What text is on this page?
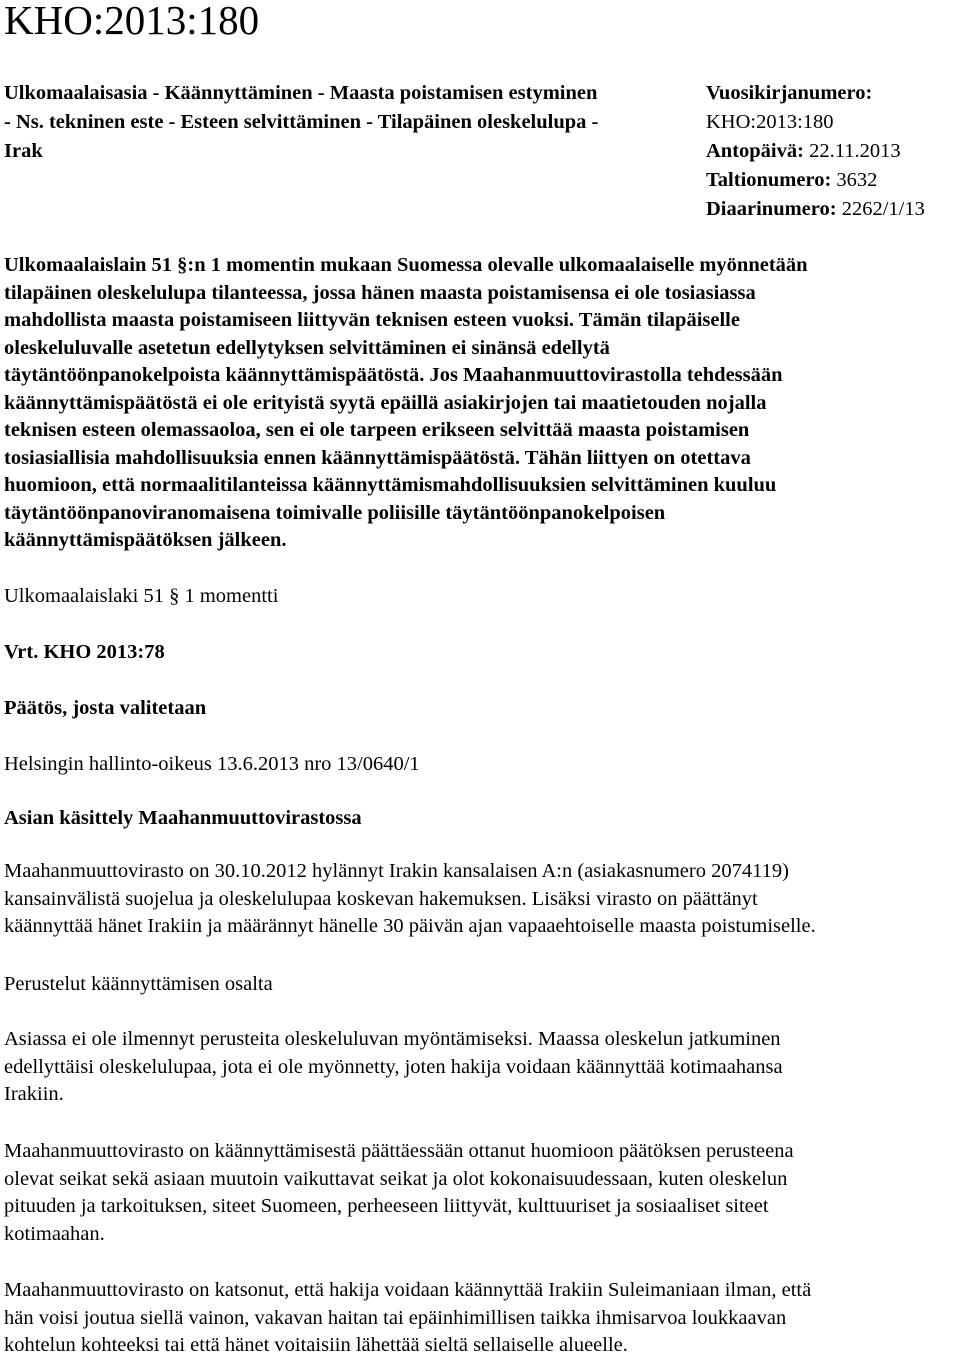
KHO:2013:180
Ulkomaalaisasia - Käännyttäminen - Maasta poistamisen estyminen
- Ns. tekninen este - Esteen selvittäminen - Tilapäinen oleskelulupa -
Irak
Vuosikirjanumero:
KHO:2013:180
Antopäivä: 22.11.2013
Taltionumero: 3632
Diaarinumero: 2262/1/13
Ulkomaalaislain 51 §:n 1 momentin mukaan Suomessa olevalle ulkomaalaiselle myönnetään
tilapäinen oleskelulupa tilanteessa, jossa hänen maasta poistamisensa ei ole tosiasiassa
mahdollista maasta poistamiseen liittyvän teknisen esteen vuoksi. Tämän tilapäiselle
oleskeluluvalle asetetun edellytyksen selvittäminen ei sinänsä edellytä
täytäntöönpanokelpoista käännyttämispäätöstä. Jos Maahanmuuttovirastolla tehdessään
käännyttämispäätöstä ei ole erityistä syytä epäillä asiakirjojen tai maatietouden nojalla
teknisen esteen olemassaoloa, sen ei ole tarpeen erikseen selvittää maasta poistamisen
tosiasiallisia mahdollisuuksia ennen käännyttämispäätöstä. Tähän liittyen on otettava
huomioon, että normaalitilanteissa käännyttämismahdollisuuksien selvittäminen kuuluu
täytäntöönpanoviranomaisena toimivalle poliisille täytäntöönpanokelpoisen
käännyttämispäätöksen jälkeen.
Ulkomaalaislaki 51 § 1 momentti
Vrt. KHO 2013:78
Päätös, josta valitetaan
Helsingin hallinto-oikeus 13.6.2013 nro 13/0640/1
Asian käsittely Maahanmuuttovirastossa
Maahanmuuttovirasto on 30.10.2012 hylännyt Irakin kansalaisen A:n (asiakasnumero 2074119)
kansainvälistä suojelua ja oleskelulupaa koskevan hakemuksen. Lisäksi virasto on päättänyt
käännyttää hänet Irakiin ja määrännyt hänelle 30 päivän ajan vapaaehtoiselle maasta poistumiselle.
Perustelut käännyttämisen osalta
Asiassa ei ole ilmennyt perusteita oleskeluluvan myöntämiseksi. Maassa oleskelun jatkuminen
edellyttäisi oleskelulupaa, jota ei ole myönnetty, joten hakija voidaan käännyttää kotimaahansa
Irakiin.
Maahanmuuttovirasto on käännyttämisestä päättäessään ottanut huomioon päätöksen perusteena
olevat seikat sekä asiaan muutoin vaikuttavat seikat ja olot kokonaisuudessaan, kuten oleskelun
pituuden ja tarkoituksen, siteet Suomeen, perheeseen liittyvät, kulttuuriset ja sosiaaliset siteet
kotimaahan.
Maahanmuuttovirasto on katsonut, että hakija voidaan käännyttää Irakiin Suleimaniaan ilman, että
hän voisi joutua siellä vainon, vakavan haitan tai epäinhimillisen taikka ihmisarvoa loukkaavan
kohtelun kohteeksi tai että hänet voitaisiin lähettää sieltä sellaiselle alueelle.
